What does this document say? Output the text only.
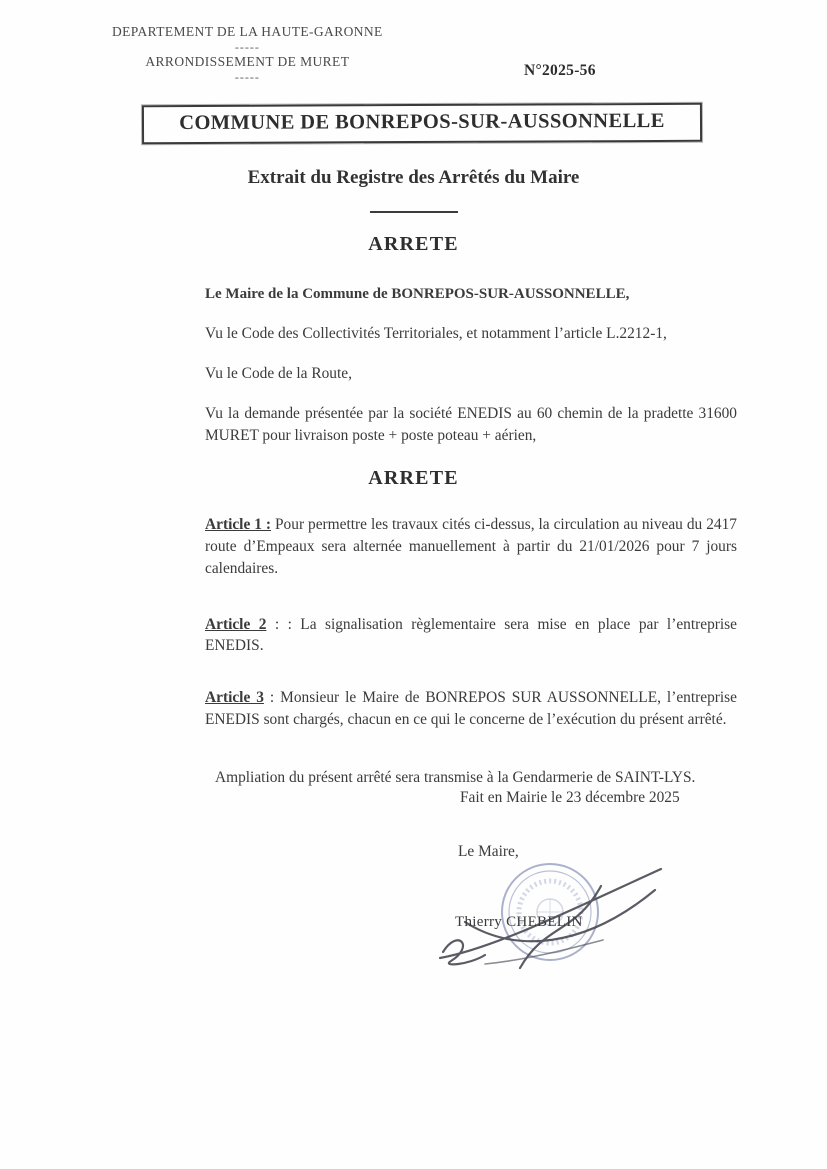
DEPARTEMENT DE LA HAUTE-GARONNE
-----
ARRONDISSEMENT DE MURET
-----	N°2025-56
COMMUNE DE BONREPOS-SUR-AUSSONNELLE
Extrait du Registre des Arrêtés du Maire
ARRETE

Le Maire de la Commune de BONREPOS-SUR-AUSSONNELLE,

Vu le Code des Collectivités Territoriales, et notamment l’article L.2212-1,

Vu le Code de la Route,

Vu la demande présentée par la société ENEDIS au 60 chemin de la pradette 31600 MURET pour livraison poste + poste poteau + aérien,

ARRETE

Article 1 : Pour permettre les travaux cités ci-dessus, la circulation au niveau du 2417 route d’Empeaux sera alternée manuellement à partir du 21/01/2026 pour 7 jours calendaires.

Article 2 : : La signalisation règlementaire sera mise en place par l’entreprise ENEDIS.

Article 3 : Monsieur le Maire de BONREPOS SUR AUSSONNELLE, l’entreprise ENEDIS sont chargés, chacun en ce qui le concerne de l’exécution du présent arrêté.

Ampliation du présent arrêté sera transmise à la Gendarmerie de SAINT-LYS.

Fait en Mairie le 23 décembre 2025
Le Maire,
Thierry CHEBELIN
